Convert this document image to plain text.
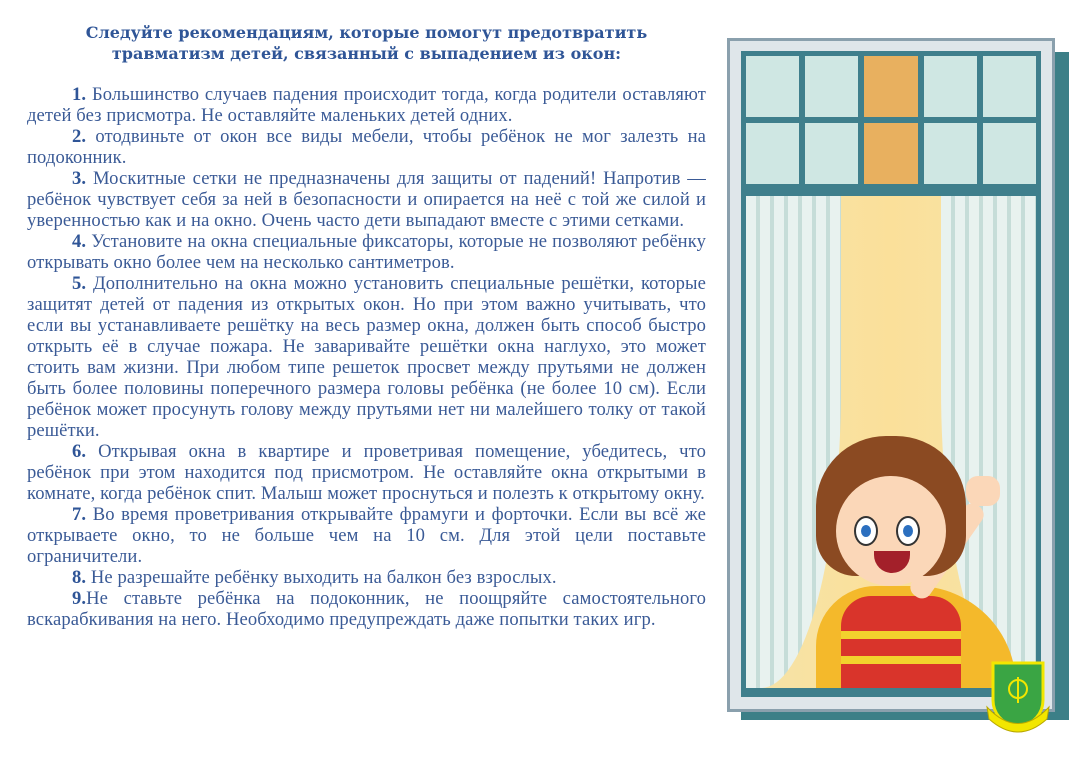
Следуйте рекомендациям, которые помогут предотвратить травматизм детей, связанный с выпадением из окон:

1. Большинство случаев падения происходит тогда, когда родители оставляют детей без присмотра. Не оставляйте маленьких детей одних.

2. отодвиньте от окон все виды мебели, чтобы ребёнок не мог залезть на подоконник.

3. Москитные сетки не предназначены для защиты от падений! Напротив — ребёнок чувствует себя за ней в безопасности и опирается на неё с той же силой и уверенностью как и на окно. Очень часто дети выпадают вместе с этими сетками.

4. Установите на окна специальные фиксаторы, которые не позволяют ребёнку открывать окно более чем на несколько сантиметров.

5. Дополнительно на окна можно установить специальные решётки, которые защитят детей от падения из открытых окон. Но при этом важно учитывать, что если вы устанавливаете решётку на весь размер окна, должен быть способ быстро открыть её в случае пожара. Не заваривайте решётки окна наглухо, это может стоить вам жизни. При любом типе решеток просвет между прутьями не должен быть более половины поперечного размера головы ребёнка (не более 10 см). Если ребёнок может просунуть голову между прутьями нет ни малейшего толку от такой решётки.

6. Открывая окна в квартире и проветривая помещение, убедитесь, что ребёнок при этом находится под присмотром. Не оставляйте окна открытыми в комнате, когда ребёнок спит. Малыш может проснуться и полезть к открытому окну.

7. Во время проветривания открывайте фрамуги и форточки. Если вы всё же открываете окно, то не больше чем на 10 см. Для этой цели поставьте ограничители.

8. Не разрешайте ребёнку выходить на балкон без взрослых.

9.Не ставьте ребёнка на подоконник, не поощряйте самостоятельного вскарабкивания на него. Необходимо предупреждать даже попытки таких игр.
